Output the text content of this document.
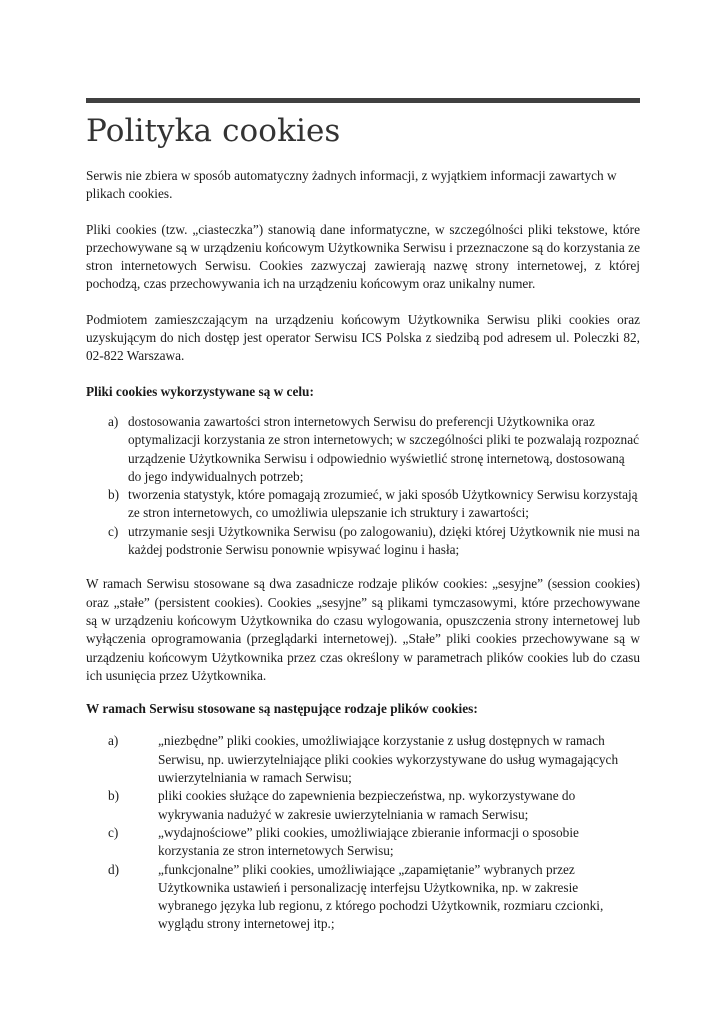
Polityka cookies

Serwis nie zbiera w sposób automatyczny żadnych informacji, z wyjątkiem informacji zawartych w plikach cookies.

Pliki cookies (tzw. „ciasteczka”) stanowią dane informatyczne, w szczególności pliki tekstowe, które przechowywane są w urządzeniu końcowym Użytkownika Serwisu i przeznaczone są do korzystania ze stron internetowych Serwisu. Cookies zazwyczaj zawierają nazwę strony internetowej, z której pochodzą, czas przechowywania ich na urządzeniu końcowym oraz unikalny numer.

Podmiotem zamieszczającym na urządzeniu końcowym Użytkownika Serwisu pliki cookies oraz uzyskującym do nich dostęp jest operator Serwisu ICS Polska z siedzibą pod adresem ul. Poleczki 82, 02-822 Warszawa.

Pliki cookies wykorzystywane są w celu:

a) dostosowania zawartości stron internetowych Serwisu do preferencji Użytkownika oraz optymalizacji korzystania ze stron internetowych; w szczególności pliki te pozwalają rozpoznać urządzenie Użytkownika Serwisu i odpowiednio wyświetlić stronę internetową, dostosowaną do jego indywidualnych potrzeb;
b) tworzenia statystyk, które pomagają zrozumieć, w jaki sposób Użytkownicy Serwisu korzystają ze stron internetowych, co umożliwia ulepszanie ich struktury i zawartości;
c) utrzymanie sesji Użytkownika Serwisu (po zalogowaniu), dzięki której Użytkownik nie musi na każdej podstronie Serwisu ponownie wpisywać loginu i hasła;

W ramach Serwisu stosowane są dwa zasadnicze rodzaje plików cookies: „sesyjne” (session cookies) oraz „stałe” (persistent cookies). Cookies „sesyjne” są plikami tymczasowymi, które przechowywane są w urządzeniu końcowym Użytkownika do czasu wylogowania, opuszczenia strony internetowej lub wyłączenia oprogramowania (przeglądarki internetowej). „Stałe” pliki cookies przechowywane są w urządzeniu końcowym Użytkownika przez czas określony w parametrach plików cookies lub do czasu ich usunięcia przez Użytkownika.

W ramach Serwisu stosowane są następujące rodzaje plików cookies:

a)	„niezbędne” pliki cookies, umożliwiające korzystanie z usług dostępnych w ramach Serwisu, np. uwierzytelniające pliki cookies wykorzystywane do usług wymagających uwierzytelniania w ramach Serwisu;
b)	pliki cookies służące do zapewnienia bezpieczeństwa, np. wykorzystywane do wykrywania nadużyć w zakresie uwierzytelniania w ramach Serwisu;
c)	„wydajnościowe” pliki cookies, umożliwiające zbieranie informacji o sposobie korzystania ze stron internetowych Serwisu;
d)	„funkcjonalne” pliki cookies, umożliwiające „zapamiętanie” wybranych przez Użytkownika ustawień i personalizację interfejsu Użytkownika, np. w zakresie wybranego języka lub regionu, z którego pochodzi Użytkownik, rozmiaru czcionki, wyglądu strony internetowej itp.;
